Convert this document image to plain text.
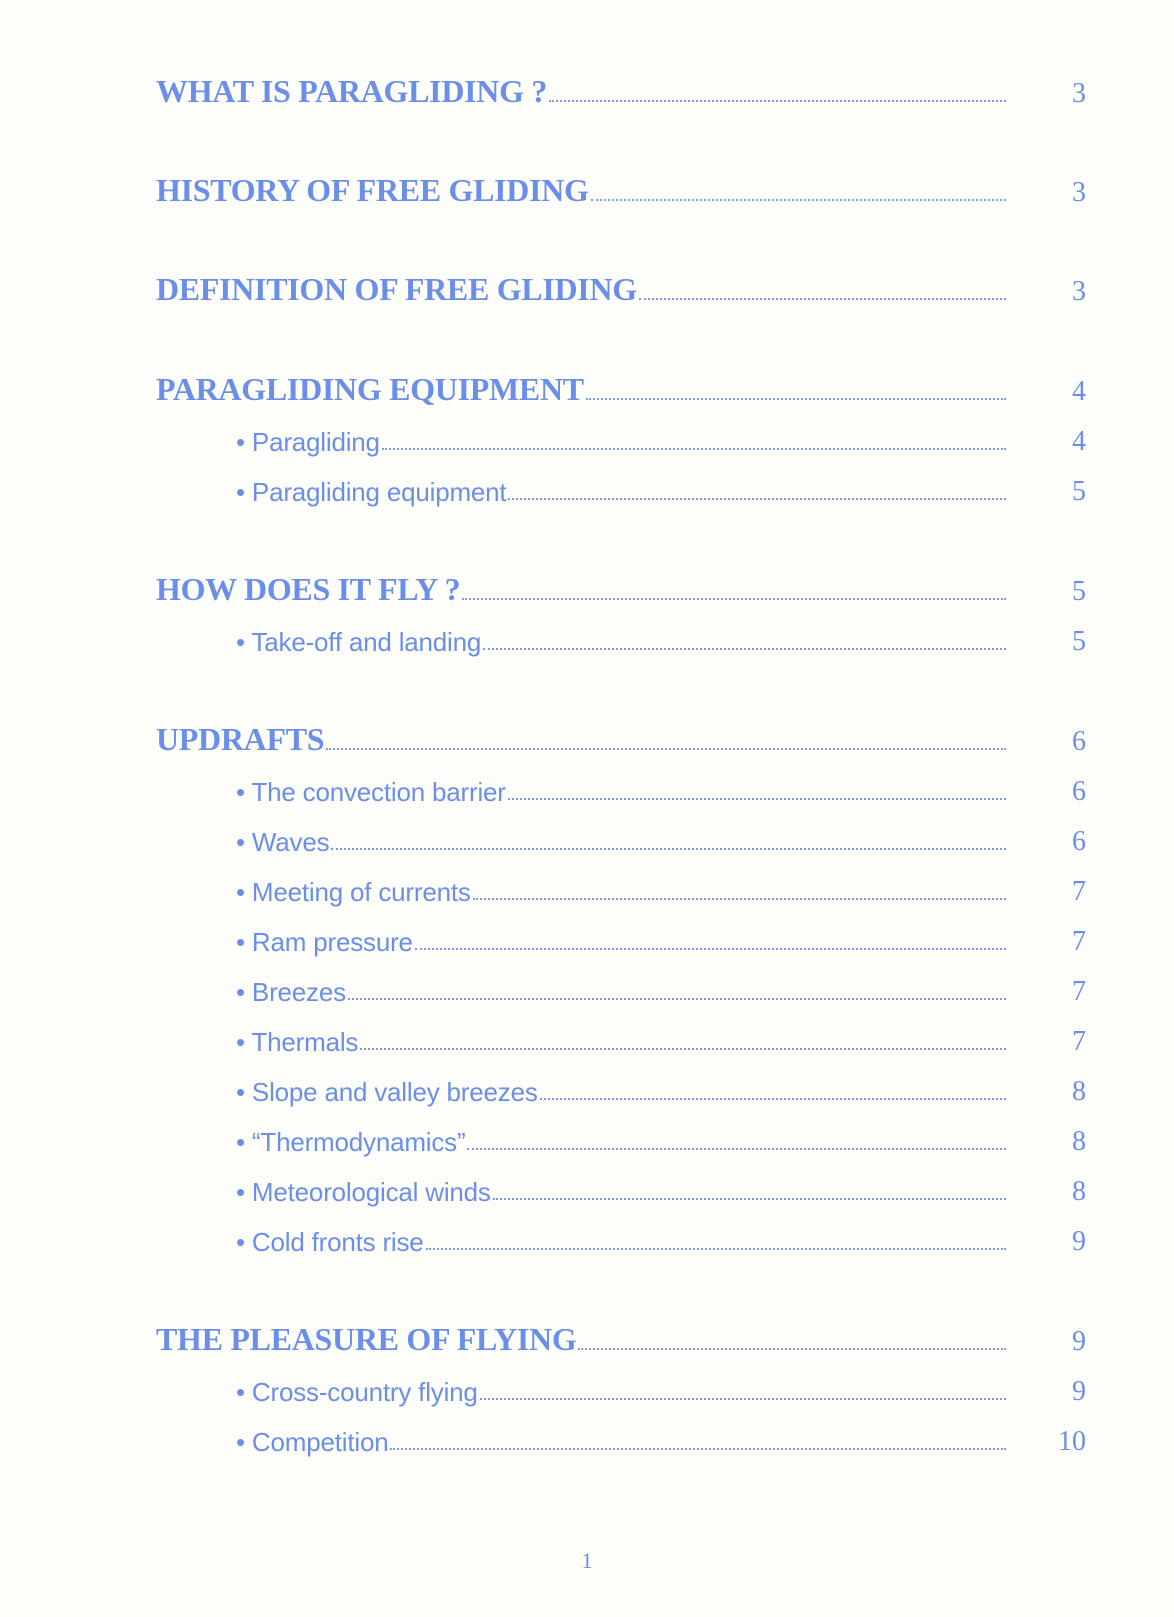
WHAT IS PARAGLIDING ?	3
HISTORY OF FREE GLIDING	3
DEFINITION OF FREE GLIDING	3
PARAGLIDING EQUIPMENT	4
• Paragliding	4
• Paragliding equipment	5
HOW DOES IT FLY ?	5
• Take-off and landing	5
UPDRAFTS	6
• The convection barrier	6
• Waves	6
• Meeting of currents	7
• Ram pressure	7
• Breezes	7
• Thermals	7
• Slope and valley breezes	8
• “Thermodynamics”	8
• Meteorological winds	8
• Cold fronts rise	9
THE PLEASURE OF FLYING	9
• Cross-country flying	9
• Competition	10
1
